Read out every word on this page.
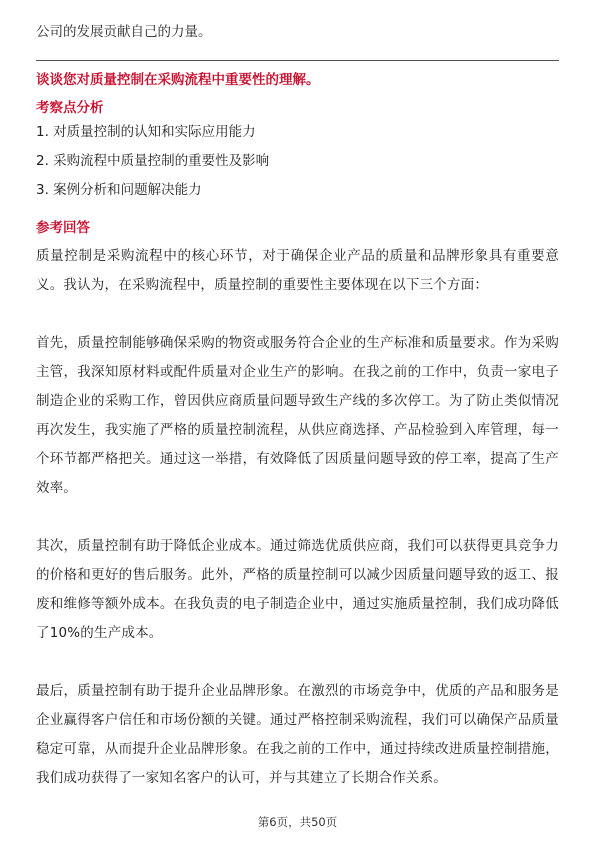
公司的发展贡献自己的力量。
谈谈您对质量控制在采购流程中重要性的理解。
考察点分析
1. 对质量控制的认知和实际应用能力
2. 采购流程中质量控制的重要性及影响
3. 案例分析和问题解决能力
参考回答

质量控制是采购流程中的核心环节，对于确保企业产品的质量和品牌形象具有重要意义。我认为，在采购流程中，质量控制的重要性主要体现在以下三个方面：

首先，质量控制能够确保采购的物资或服务符合企业的生产标准和质量要求。作为采购主管，我深知原材料或配件质量对企业生产的影响。在我之前的工作中，负责一家电子制造企业的采购工作，曾因供应商质量问题导致生产线的多次停工。为了防止类似情况再次发生，我实施了严格的质量控制流程，从供应商选择、产品检验到入库管理，每一个环节都严格把关。通过这一举措，有效降低了因质量问题导致的停工率，提高了生产效率。

其次，质量控制有助于降低企业成本。通过筛选优质供应商，我们可以获得更具竞争力的价格和更好的售后服务。此外，严格的质量控制可以减少因质量问题导致的返工、报废和维修等额外成本。在我负责的电子制造企业中，通过实施质量控制，我们成功降低了10%的生产成本。

最后，质量控制有助于提升企业品牌形象。在激烈的市场竞争中，优质的产品和服务是企业赢得客户信任和市场份额的关键。通过严格控制采购流程，我们可以确保产品质量稳定可靠，从而提升企业品牌形象。在我之前的工作中，通过持续改进质量控制措施，我们成功获得了一家知名客户的认可，并与其建立了长期合作关系。

第6页，共50页
